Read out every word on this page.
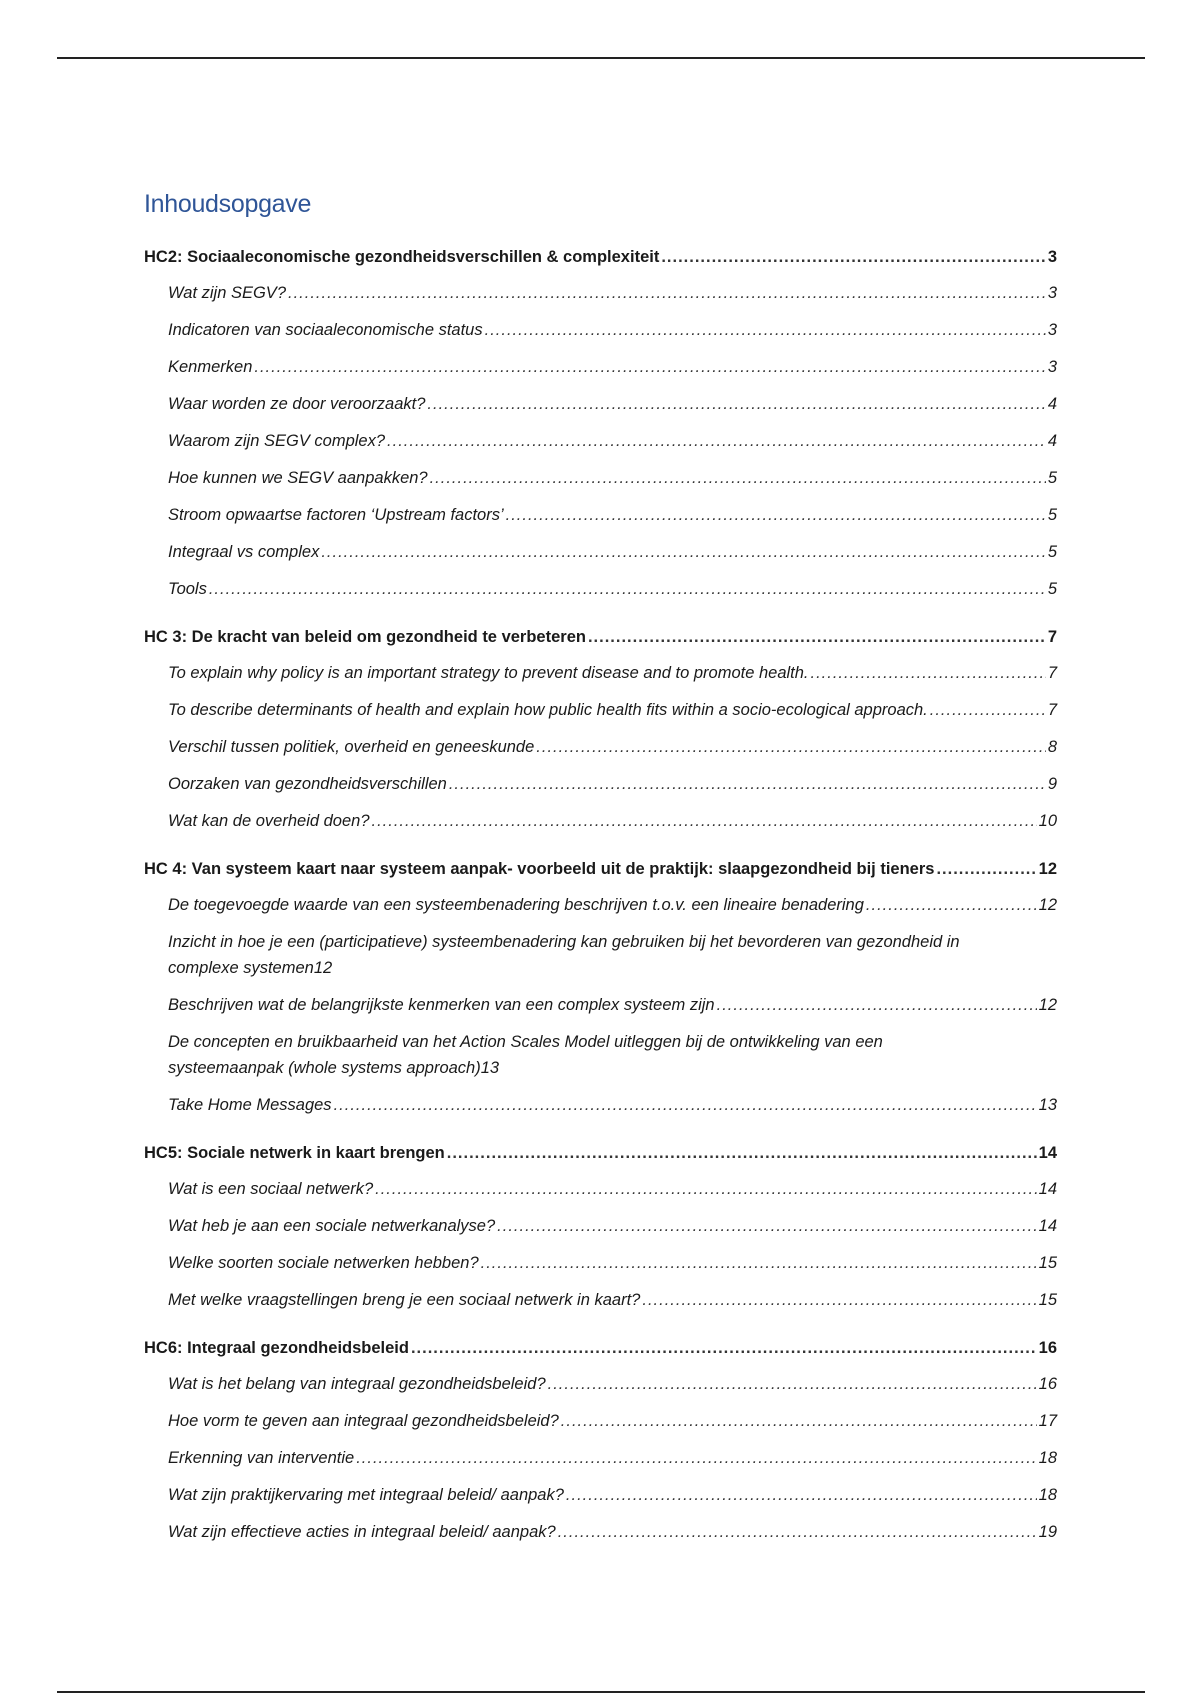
Inhoudsopgave
HC2: Sociaaleconomische gezondheidsverschillen & complexiteit .....	3
Wat zijn SEGV? .....	3
Indicatoren van sociaaleconomische status .....	3
Kenmerken .....	3
Waar worden ze door veroorzaakt? .....	4
Waarom zijn SEGV complex? .....	4
Hoe kunnen we SEGV aanpakken? .....	5
Stroom opwaartse factoren ‘Upstream factors’ .....	5
Integraal vs complex .....	5
Tools .....	5
HC 3: De kracht van beleid om gezondheid te verbeteren .....	7
To explain why policy is an important strategy to prevent disease and to promote health. .....	7
To describe determinants of health and explain how public health fits within a socio-ecological approach. .....	7
Verschil tussen politiek, overheid en geneeskunde .....	8
Oorzaken van gezondheidsverschillen .....	9
Wat kan de overheid doen? .....	10
HC 4: Van systeem kaart naar systeem aanpak- voorbeeld uit de praktijk: slaapgezondheid bij tieners .....	12
De toegevoegde waarde van een systeembenadering beschrijven t.o.v. een lineaire benadering .....	12
Inzicht in hoe je een (participatieve) systeembenadering kan gebruiken bij het bevorderen van gezondheid in
complexe systemen 12
Beschrijven wat de belangrijkste kenmerken van een complex systeem zijn .....	12
De concepten en bruikbaarheid van het Action Scales Model uitleggen bij de ontwikkeling van een
systeemaanpak (whole systems approach) 13
Take Home Messages .....	13
HC5: Sociale netwerk in kaart brengen .....	14
Wat is een sociaal netwerk? .....	14
Wat heb je aan een sociale netwerkanalyse? .....	14
Welke soorten sociale netwerken hebben? .....	15
Met welke vraagstellingen breng je een sociaal netwerk in kaart? .....	15
HC6: Integraal gezondheidsbeleid .....	16
Wat is het belang van integraal gezondheidsbeleid? .....	16
Hoe vorm te geven aan integraal gezondheidsbeleid? .....	17
Erkenning van interventie .....	18
Wat zijn praktijkervaring met integraal beleid/ aanpak? .....	18
Wat zijn effectieve acties in integraal beleid/ aanpak? .....	19
